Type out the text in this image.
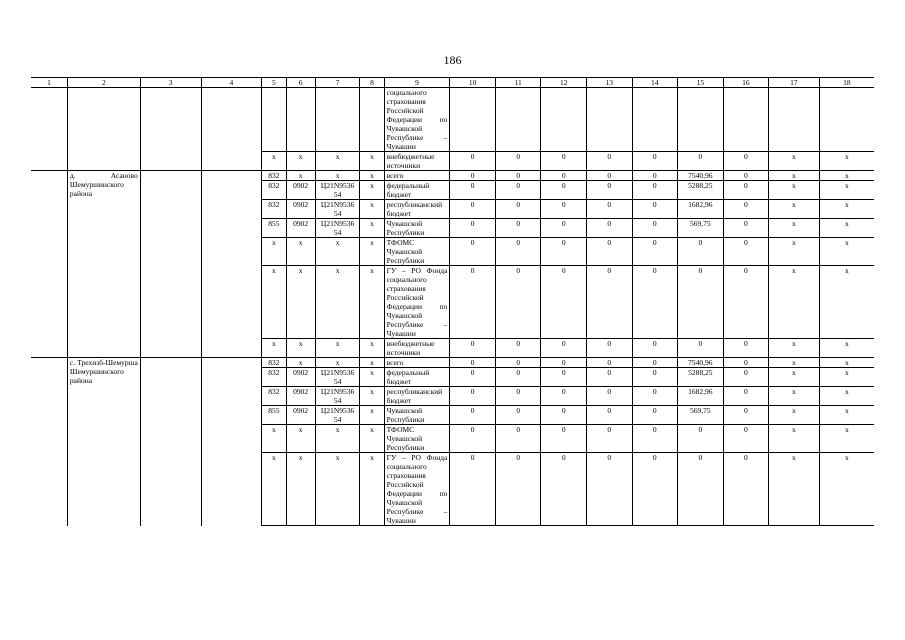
186
1	2	3	4	5	6	7	8	9	10	11	12	13	14	15	16	17	18
								социального страхования Российской Федерации по Чувашской Республике – Чувашии									
				х	х	х	х	внебюджетные источники	0	0	0	0	0	0	0	х	х
	д. Асаново Шемуршинского района			832	х	х	х	всего	0	0	0	0	0	7540,96	0	х	х
				832	0902	Ц21N9536 54	х	федеральный бюджет	0	0	0	0	0	5288,25	0	х	х
				832	0902	Ц21N9536 54	х	республиканский бюджет	0	0	0	0	0	1682,96	0	х	х
				855	0902	Ц21N9536 54	х	Чувашской Республики	0	0	0	0	0	569,75	0	х	х
				х	х	х	х	ТФОМС Чувашской Республики	0	0	0	0	0	0	0	х	х
				х	х	х	х	ГУ – РО Фонда социального страхования Российской Федерации по Чувашской Республике – Чувашии	0	0	0	0	0	0	0	х	х
				х	х	х	х	внебюджетные источники	0	0	0	0	0	0	0	х	х
	с. Трехизб-Шемурша Шемуршинского района			832	х	х	х	всего	0	0	0	0	0	7540,96	0	х	х
				832	0902	Ц21N9536 54	х	федеральный бюджет	0	0	0	0	0	5288,25	0	х	х
				832	0902	Ц21N9536 54	х	республиканский бюджет	0	0	0	0	0	1682,96	0	х	х
				855	0902	Ц21N9536 54	х	Чувашской Республики	0	0	0	0	0	569,75	0	х	х
				х	х	х	х	ТФОМС Чувашской Республики	0	0	0	0	0	0	0	х	х
				х	х	х	х	ГУ – РО Фонда социального страхования Российской Федерации по Чувашской Республике – Чувашии	0	0	0	0	0	0	0	х	х
